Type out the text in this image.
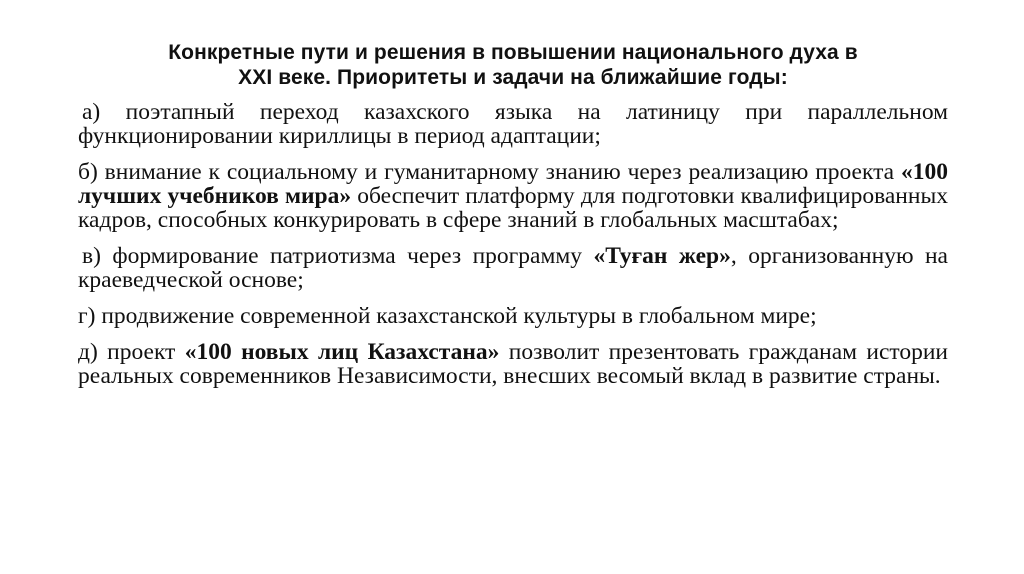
Конкретные пути и решения в повышении национального духа в
XXI веке. Приоритеты и задачи на ближайшие годы:

а) поэтапный переход казахского языка на латиницу при параллельном функционировании кириллицы в период адаптации;

б) внимание к социальному и гуманитарному знанию через реализацию проекта «100 лучших учебников мира» обеспечит платформу для подготовки квалифицированных кадров, способных конкурировать в сфере знаний в глобальных масштабах;

в) формирование патриотизма через программу «Туған жер», организованную на краеведческой основе;

г) продвижение современной казахстанской культуры в глобальном мире;

д) проект «100 новых лиц Казахстана» позволит презентовать гражданам истории реальных современников Независимости, внесших весомый вклад в развитие страны.
